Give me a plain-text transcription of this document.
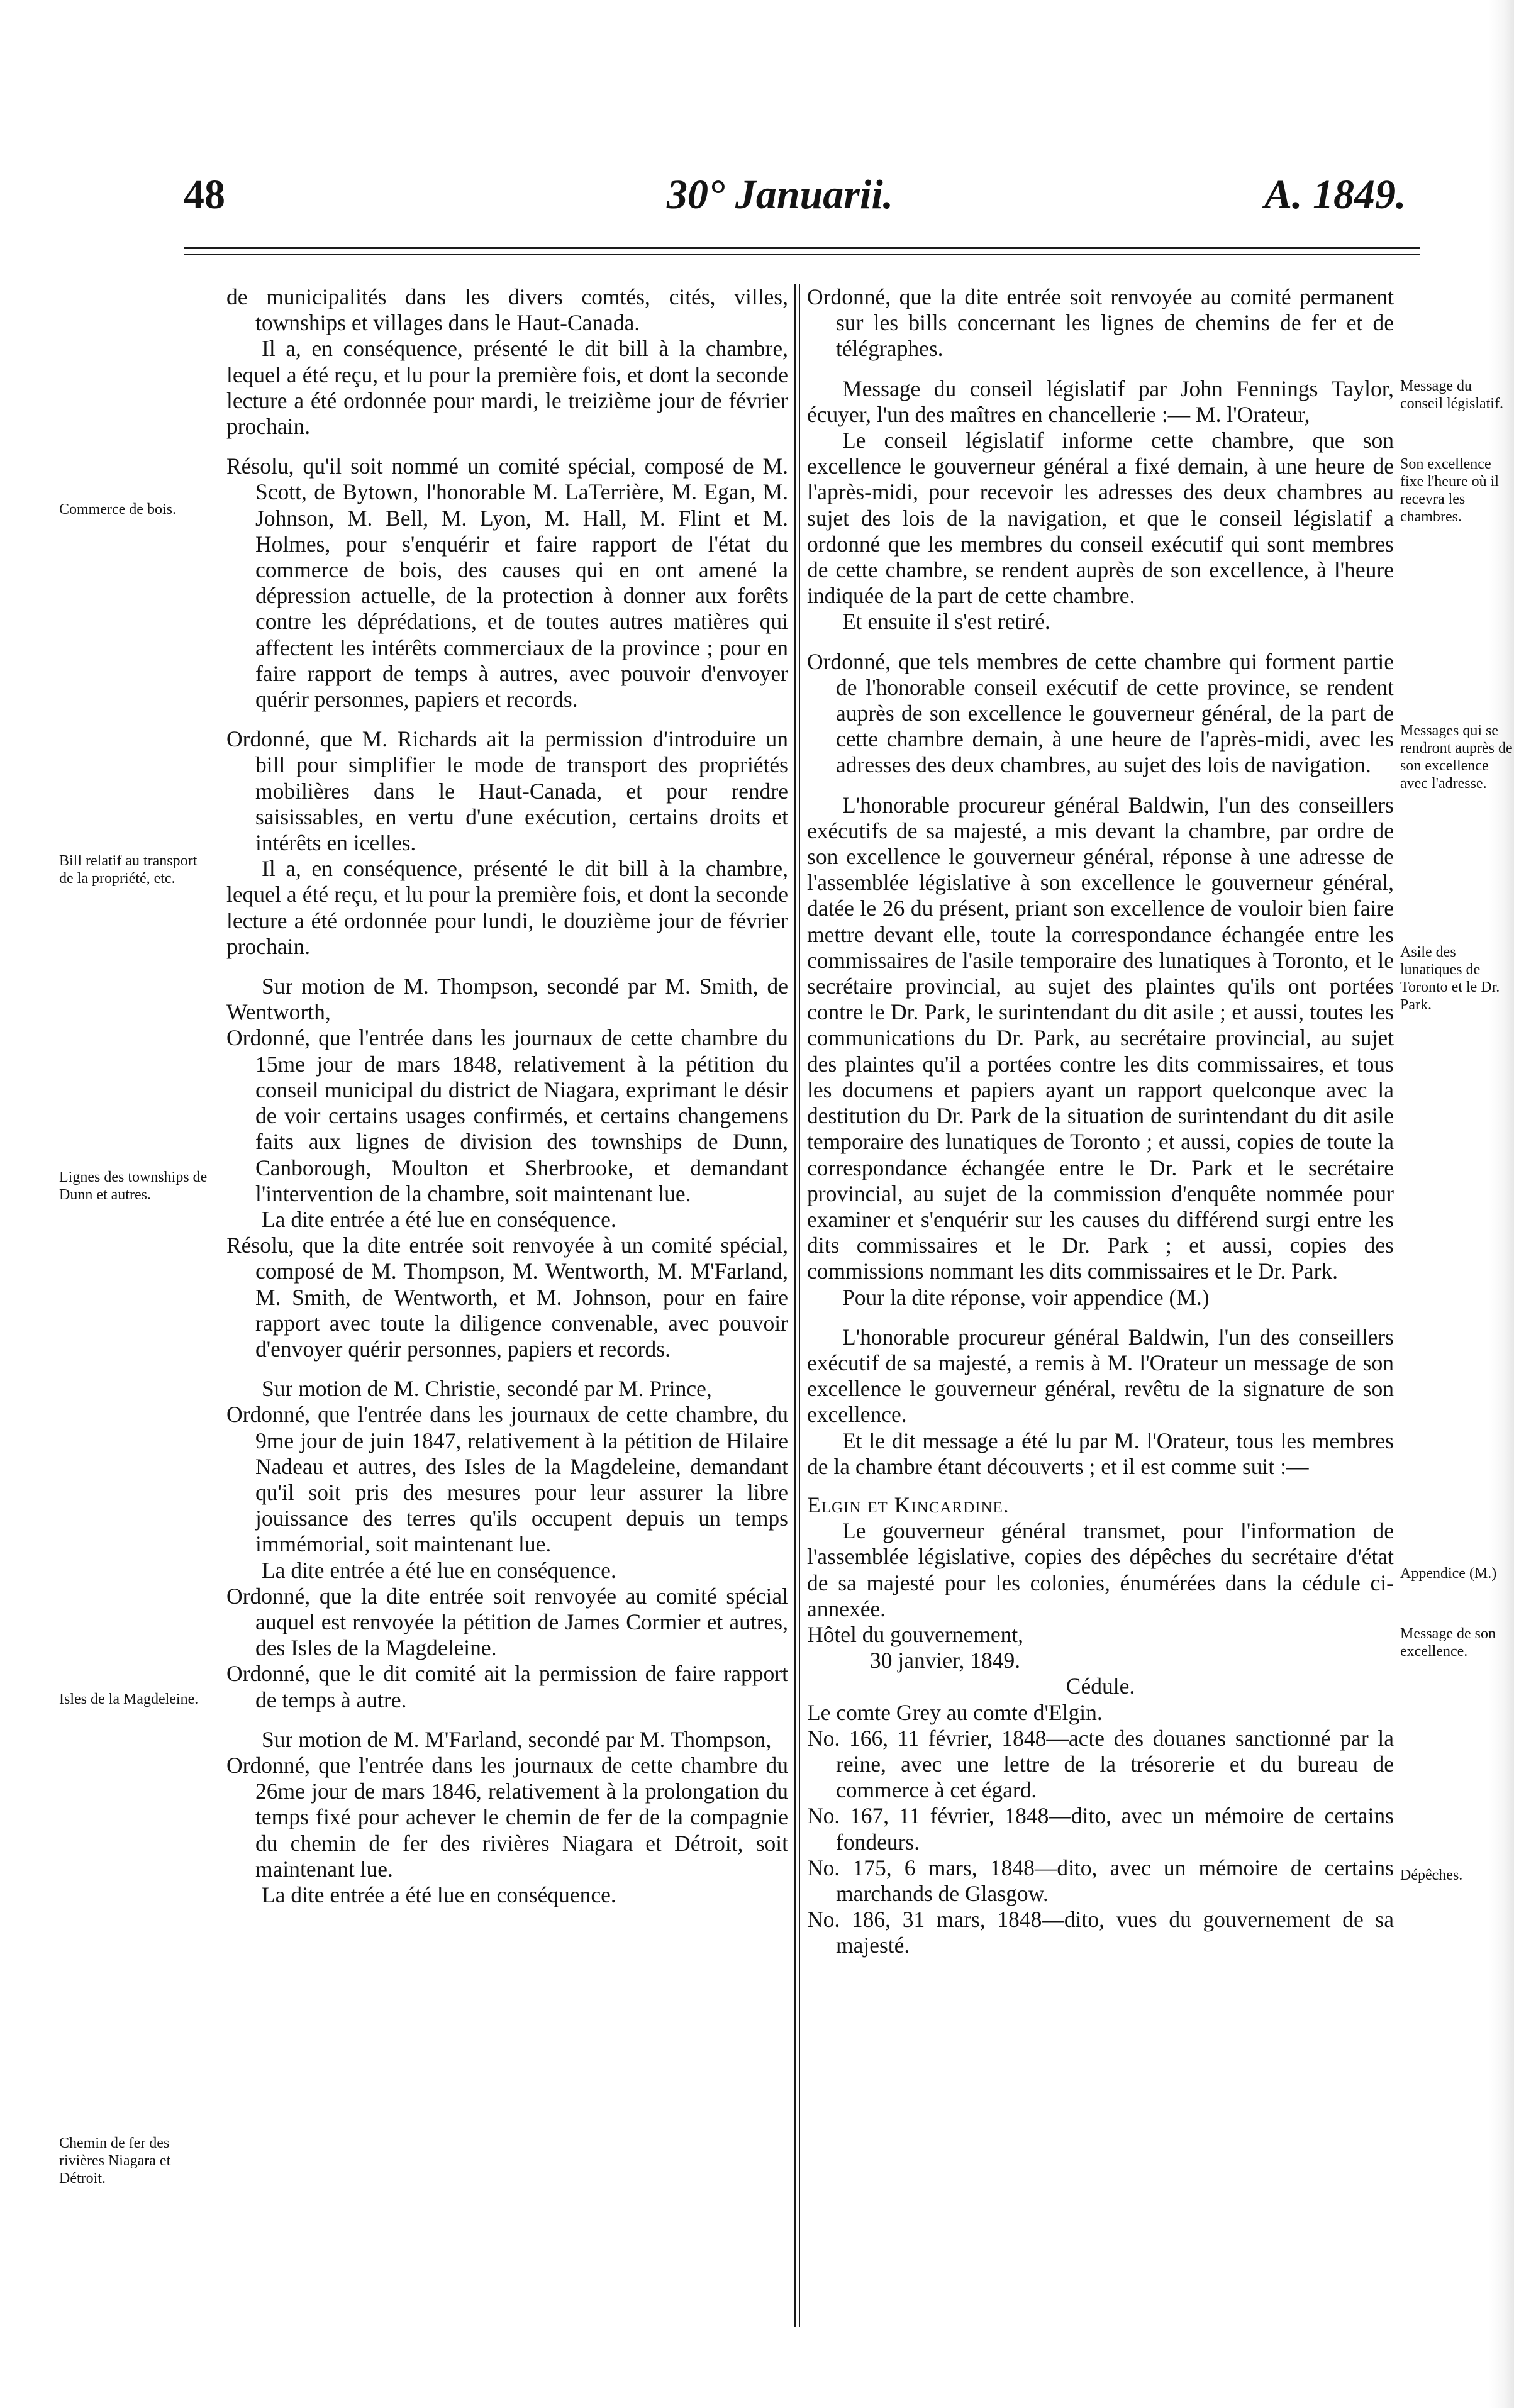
48	30° Januarii.	A. 1849.

de municipalités dans les divers comtés, cités, villes, townships et villages dans le Haut-Canada.

Il a, en conséquence, présenté le dit bill à la chambre, lequel a été reçu, et lu pour la première fois, et dont la seconde lecture a été ordonnée pour mardi, le treizième jour de février prochain.

Résolu, qu'il soit nommé un comité spécial, composé de M. Scott, de Bytown, l'honorable M. LaTerrière, M. Egan, M. Johnson, M. Bell, M. Lyon, M. Hall, M. Flint et M. Holmes, pour s'enquérir et faire rapport de l'état du commerce de bois, des causes qui en ont amené la dépression actuelle, de la protection à donner aux forêts contre les déprédations, et de toutes autres matières qui affectent les intérêts commerciaux de la province ; pour en faire rapport de temps à autres, avec pouvoir d'envoyer quérir personnes, papiers et records.

Ordonné, que M. Richards ait la permission d'introduire un bill pour simplifier le mode de transport des propriétés mobilières dans le Haut-Canada, et pour rendre saisissables, en vertu d'une exécution, certains droits et intérêts en icelles.

Il a, en conséquence, présenté le dit bill à la chambre, lequel a été reçu, et lu pour la première fois, et dont la seconde lecture a été ordonnée pour lundi, le douzième jour de février prochain.

Sur motion de M. Thompson, secondé par M. Smith, de Wentworth,

Ordonné, que l'entrée dans les journaux de cette chambre du 15me jour de mars 1848, relativement à la pétition du conseil municipal du district de Niagara, exprimant le désir de voir certains usages confirmés, et certains changemens faits aux lignes de division des townships de Dunn, Canborough, Moulton et Sherbrooke, et demandant l'intervention de la chambre, soit maintenant lue.

La dite entrée a été lue en conséquence.

Résolu, que la dite entrée soit renvoyée à un comité spécial, composé de M. Thompson, M. Wentworth, M. M'Farland, M. Smith, de Wentworth, et M. Johnson, pour en faire rapport avec toute la diligence convenable, avec pouvoir d'envoyer quérir personnes, papiers et records.

Sur motion de M. Christie, secondé par M. Prince,

Ordonné, que l'entrée dans les journaux de cette chambre, du 9me jour de juin 1847, relativement à la pétition de Hilaire Nadeau et autres, des Isles de la Magdeleine, demandant qu'il soit pris des mesures pour leur assurer la libre jouissance des terres qu'ils occupent depuis un temps immémorial, soit maintenant lue.

La dite entrée a été lue en conséquence.

Ordonné, que la dite entrée soit renvoyée au comité spécial auquel est renvoyée la pétition de James Cormier et autres, des Isles de la Magdeleine.

Ordonné, que le dit comité ait la permission de faire rapport de temps à autre.

Sur motion de M. M'Farland, secondé par M. Thompson,

Ordonné, que l'entrée dans les journaux de cette chambre du 26me jour de mars 1846, relativement à la prolongation du temps fixé pour achever le chemin de fer de la compagnie du chemin de fer des rivières Niagara et Détroit, soit maintenant lue.

La dite entrée a été lue en conséquence.

Ordonné, que la dite entrée soit renvoyée au comité permanent sur les bills concernant les lignes de chemins de fer et de télégraphes.

Message du conseil législatif par John Fennings Taylor, écuyer, l'un des maîtres en chancellerie :— M. l'Orateur,

Le conseil législatif informe cette chambre, que son excellence le gouverneur général a fixé demain, à une heure de l'après-midi, pour recevoir les adresses des deux chambres au sujet des lois de la navigation, et que le conseil législatif a ordonné que les membres du conseil exécutif qui sont membres de cette chambre, se rendent auprès de son excellence, à l'heure indiquée de la part de cette chambre.

Et ensuite il s'est retiré.

Ordonné, que tels membres de cette chambre qui forment partie de l'honorable conseil exécutif de cette province, se rendent auprès de son excellence le gouverneur général, de la part de cette chambre demain, à une heure de l'après-midi, avec les adresses des deux chambres, au sujet des lois de navigation.

L'honorable procureur général Baldwin, l'un des conseillers exécutifs de sa majesté, a mis devant la chambre, par ordre de son excellence le gouverneur général, réponse à une adresse de l'assemblée législative à son excellence le gouverneur général, datée le 26 du présent, priant son excellence de vouloir bien faire mettre devant elle, toute la correspondance échangée entre les commissaires de l'asile temporaire des lunatiques à Toronto, et le secrétaire provincial, au sujet des plaintes qu'ils ont portées contre le Dr. Park, le surintendant du dit asile ; et aussi, toutes les communications du Dr. Park, au secrétaire provincial, au sujet des plaintes qu'il a portées contre les dits commissaires, et tous les documens et papiers ayant un rapport quelconque avec la destitution du Dr. Park de la situation de surintendant du dit asile temporaire des lunatiques de Toronto ; et aussi, copies de toute la correspondance échangée entre le Dr. Park et le secrétaire provincial, au sujet de la commission d'enquête nommée pour examiner et s'enquérir sur les causes du différend surgi entre les dits commissaires et le Dr. Park ; et aussi, copies des commissions nommant les dits commissaires et le Dr. Park.

Pour la dite réponse, voir appendice (M.)

L'honorable procureur général Baldwin, l'un des conseillers exécutif de sa majesté, a remis à M. l'Orateur un message de son excellence le gouverneur général, revêtu de la signature de son excellence.

Et le dit message a été lu par M. l'Orateur, tous les membres de la chambre étant découverts ; et il est comme suit :—

Elgin et Kincardine.

Le gouverneur général transmet, pour l'information de l'assemblée législative, copies des dépêches du secrétaire d'état de sa majesté pour les colonies, énumérées dans la cédule ci-annexée.

Hôtel du gouvernement,

30 janvier, 1849.

Cédule.

Le comte Grey au comte d'Elgin.

No. 166, 11 février, 1848—acte des douanes sanctionné par la reine, avec une lettre de la trésorerie et du bureau de commerce à cet égard.

No. 167, 11 février, 1848—dito, avec un mémoire de certains fondeurs.

No. 175, 6 mars, 1848—dito, avec un mémoire de certains marchands de Glasgow.

No. 186, 31 mars, 1848—dito, vues du gouvernement de sa majesté.

Commerce de bois.
Bill relatif au transport de la propriété, etc.
Lignes des townships de Dunn et autres.
Isles de la Magdeleine.
Chemin de fer des rivières Niagara et Détroit.
Message du conseil législatif.
Son excellence fixe l'heure où il recevra les chambres.
Messages qui se rendront auprès de son excellence avec l'adresse.
Asile des lunatiques de Toronto et le Dr. Park.
Appendice (M.)
Message de son excellence.
Dépêches.
